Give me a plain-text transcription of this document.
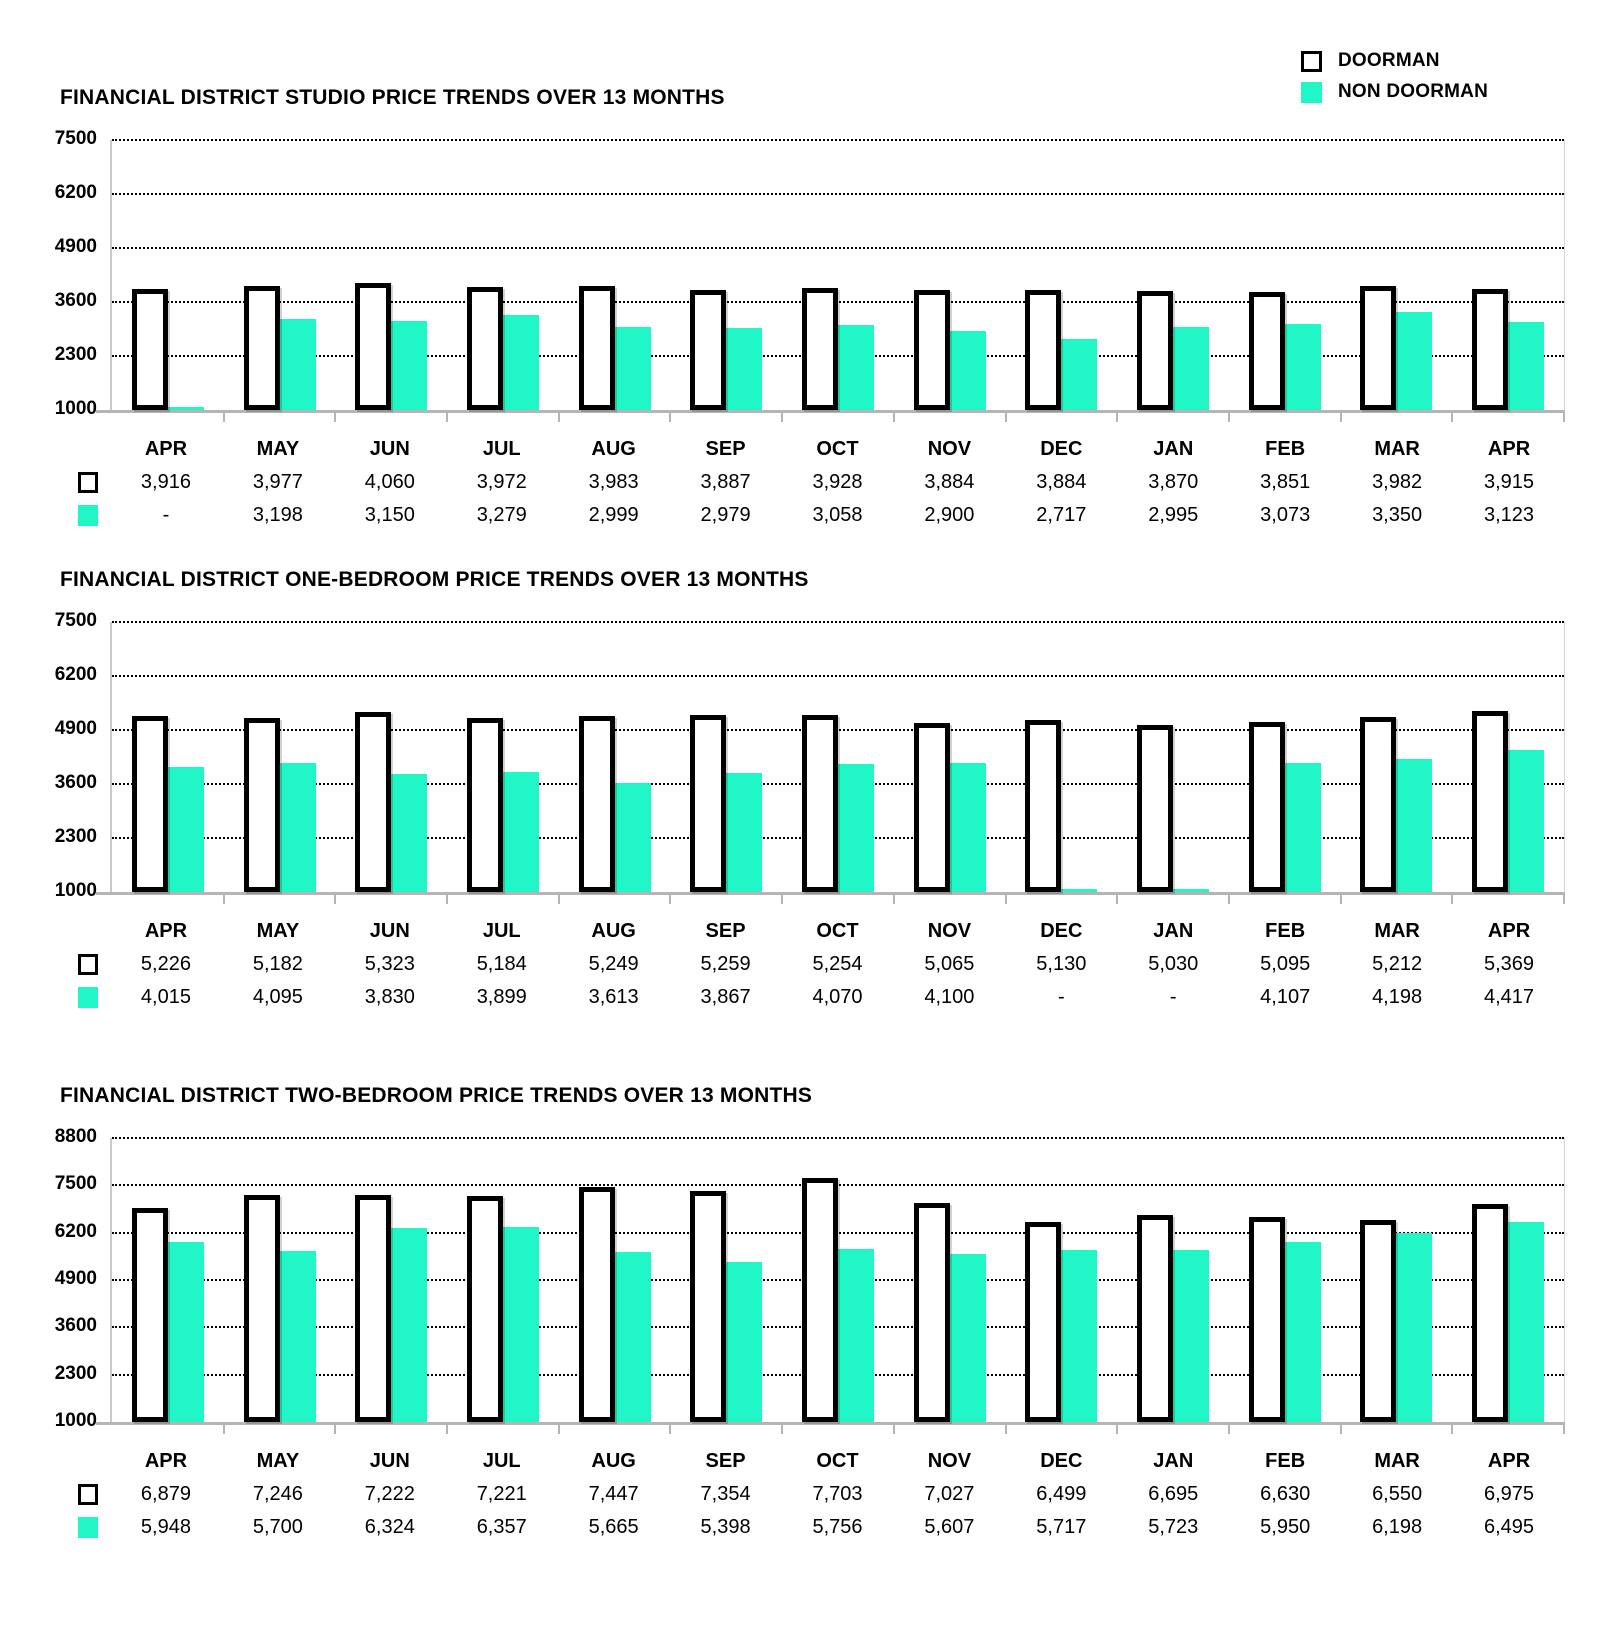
DOORMAN
NON DOORMAN
FINANCIAL DISTRICT STUDIO PRICE TRENDS OVER 13 MONTHS
7500
6200
4900
3600
2300
1000
APR	MAY	JUN	JUL	AUG	SEP	OCT	NOV	DEC	JAN	FEB	MAR	APR
3,916	3,977	4,060	3,972	3,983	3,887	3,928	3,884	3,884	3,870	3,851	3,982	3,915
-	3,198	3,150	3,279	2,999	2,979	3,058	2,900	2,717	2,995	3,073	3,350	3,123
FINANCIAL DISTRICT ONE-BEDROOM PRICE TRENDS OVER 13 MONTHS
7500
6200
4900
3600
2300
1000
APR	MAY	JUN	JUL	AUG	SEP	OCT	NOV	DEC	JAN	FEB	MAR	APR
5,226	5,182	5,323	5,184	5,249	5,259	5,254	5,065	5,130	5,030	5,095	5,212	5,369
4,015	4,095	3,830	3,899	3,613	3,867	4,070	4,100	-	-	4,107	4,198	4,417
FINANCIAL DISTRICT TWO-BEDROOM PRICE TRENDS OVER 13 MONTHS
8800
7500
6200
4900
3600
2300
1000
APR	MAY	JUN	JUL	AUG	SEP	OCT	NOV	DEC	JAN	FEB	MAR	APR
6,879	7,246	7,222	7,221	7,447	7,354	7,703	7,027	6,499	6,695	6,630	6,550	6,975
5,948	5,700	6,324	6,357	5,665	5,398	5,756	5,607	5,717	5,723	5,950	6,198	6,495
